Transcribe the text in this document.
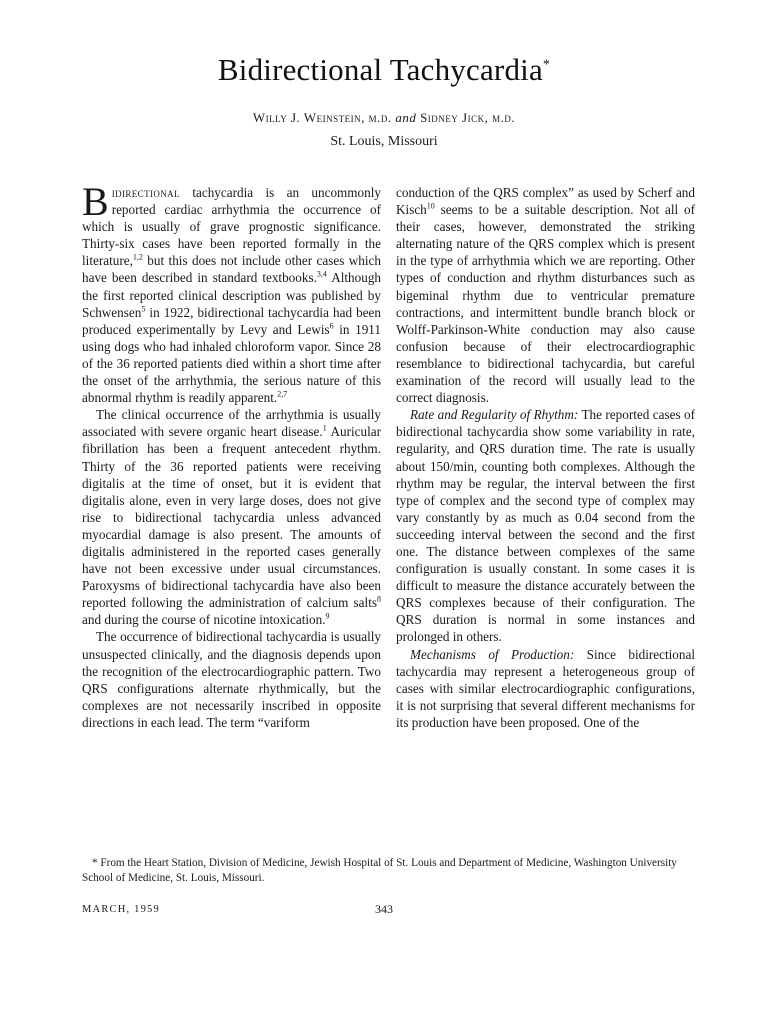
Bidirectional Tachycardia*
Willy J. Weinstein, m.d. and Sidney Jick, m.d.
St. Louis, Missouri

Bidirectional tachycardia is an uncommonly reported cardiac arrhythmia the occurrence of which is usually of grave prognostic significance. Thirty-six cases have been reported formally in the literature,$^{1,2}$ but this does not include other cases which have been described in standard textbooks.$^{3,4}$ Although the first reported clinical description was published by Schwensen$^5$ in 1922, bidirectional tachycardia had been produced experimentally by Levy and Lewis$^6$ in 1911 using dogs who had inhaled chloroform vapor. Since 28 of the 36 reported patients died within a short time after the onset of the arrhythmia, the serious nature of this abnormal rhythm is readily apparent.$^{2,7}$

The clinical occurrence of the arrhythmia is usually associated with severe organic heart disease.$^1$ Auricular fibrillation has been a frequent antecedent rhythm. Thirty of the 36 reported patients were receiving digitalis at the time of onset, but it is evident that digitalis alone, even in very large doses, does not give rise to bidirectional tachycardia unless advanced myocardial damage is also present. The amounts of digitalis administered in the reported cases generally have not been excessive under usual circumstances. Paroxysms of bidirectional tachycardia have also been reported following the administration of calcium salts$^8$ and during the course of nicotine intoxication.$^9$

The occurrence of bidirectional tachycardia is usually unsuspected clinically, and the diagnosis depends upon the recognition of the electrocardiographic pattern. Two QRS configurations alternate rhythmically, but the complexes are not necessarily inscribed in opposite directions in each lead. The term “variform

conduction of the QRS complex” as used by Scherf and Kisch$^{10}$ seems to be a suitable description. Not all of their cases, however, demonstrated the striking alternating nature of the QRS complex which is present in the type of arrhythmia which we are reporting. Other types of conduction and rhythm disturbances such as bigeminal rhythm due to ventricular premature contractions, and intermittent bundle branch block or Wolff-Parkinson-White conduction may also cause confusion because of their electrocardiographic resemblance to bidirectional tachycardia, but careful examination of the record will usually lead to the correct diagnosis.

Rate and Regularity of Rhythm: The reported cases of bidirectional tachycardia show some variability in rate, regularity, and QRS duration time. The rate is usually about 150/min, counting both complexes. Although the rhythm may be regular, the interval between the first type of complex and the second type of complex may vary constantly by as much as 0.04 second from the succeeding interval between the second and the first one. The distance between complexes of the same configuration is usually constant. In some cases it is difficult to measure the distance accurately between the QRS complexes because of their configuration. The QRS duration is normal in some instances and prolonged in others.

Mechanisms of Production: Since bidirectional tachycardia may represent a heterogeneous group of cases with similar electrocardiographic configurations, it is not surprising that several different mechanisms for its production have been proposed. One of the

* From the Heart Station, Division of Medicine, Jewish Hospital of St. Louis and Department of Medicine, Washington University School of Medicine, St. Louis, Missouri.
MARCH, 1959	343
